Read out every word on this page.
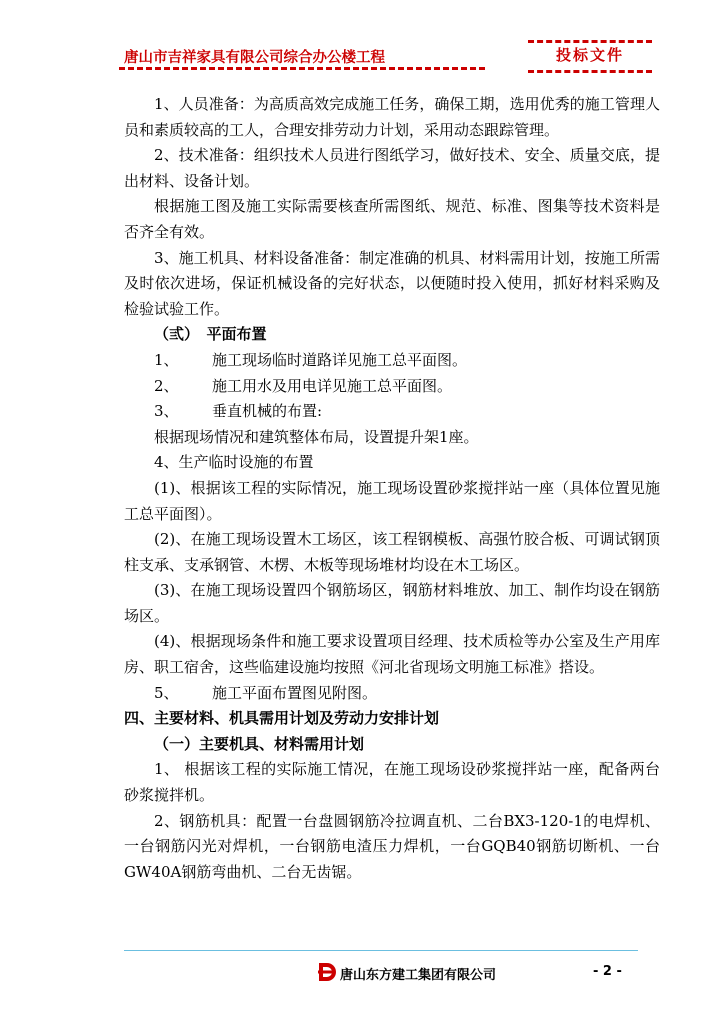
唐山市吉祥家具有限公司综合办公楼工程	投标文件

1、人员准备：为高质高效完成施工任务，确保工期，选用优秀的施工管理人员和素质较高的工人，合理安排劳动力计划，采用动态跟踪管理。

2、技术准备：组织技术人员进行图纸学习，做好技术、安全、质量交底，提出材料、设备计划。

根据施工图及施工实际需要核查所需图纸、规范、标准、图集等技术资料是否齐全有效。

3、施工机具、材料设备准备：制定准确的机具、材料需用计划，按施工所需及时依次进场，保证机械设备的完好状态，以便随时投入使用，抓好材料采购及检验试验工作。

（弎）　平面布置

1、 施工现场临时道路详见施工总平面图。

2、 施工用水及用电详见施工总平面图。

3、 垂直机械的布置:

根据现场情况和建筑整体布局，设置提升架1座。

4、生产临时设施的布置

(1)、根据该工程的实际情况，施工现场设置砂浆搅拌站一座（具体位置见施工总平面图）。

(2)、在施工现场设置木工场区，该工程钢模板、高强竹胶合板、可调试钢顶柱支承、支承钢管、木楞、木板等现场堆材均设在木工场区。

(3)、在施工现场设置四个钢筋场区，钢筋材料堆放、加工、制作均设在钢筋场区。

(4)、根据现场条件和施工要求设置项目经理、技术质检等办公室及生产用库房、职工宿舍，这些临建设施均按照《河北省现场文明施工标准》搭设。

5、 施工平面布置图见附图。

四、主要材料、机具需用计划及劳动力安排计划

（一）主要机具、材料需用计划

1、 根据该工程的实际施工情况，在施工现场设砂浆搅拌站一座，配备两台砂浆搅拌机。

2、钢筋机具：配置一台盘圆钢筋冷拉调直机、二台BX3-120-1的电焊机、一台钢筋闪光对焊机，一台钢筋电渣压力焊机，一台GQB40钢筋切断机、一台GW40A钢筋弯曲机、二台无齿锯。

唐山东方建工集团有限公司	- 2 -
